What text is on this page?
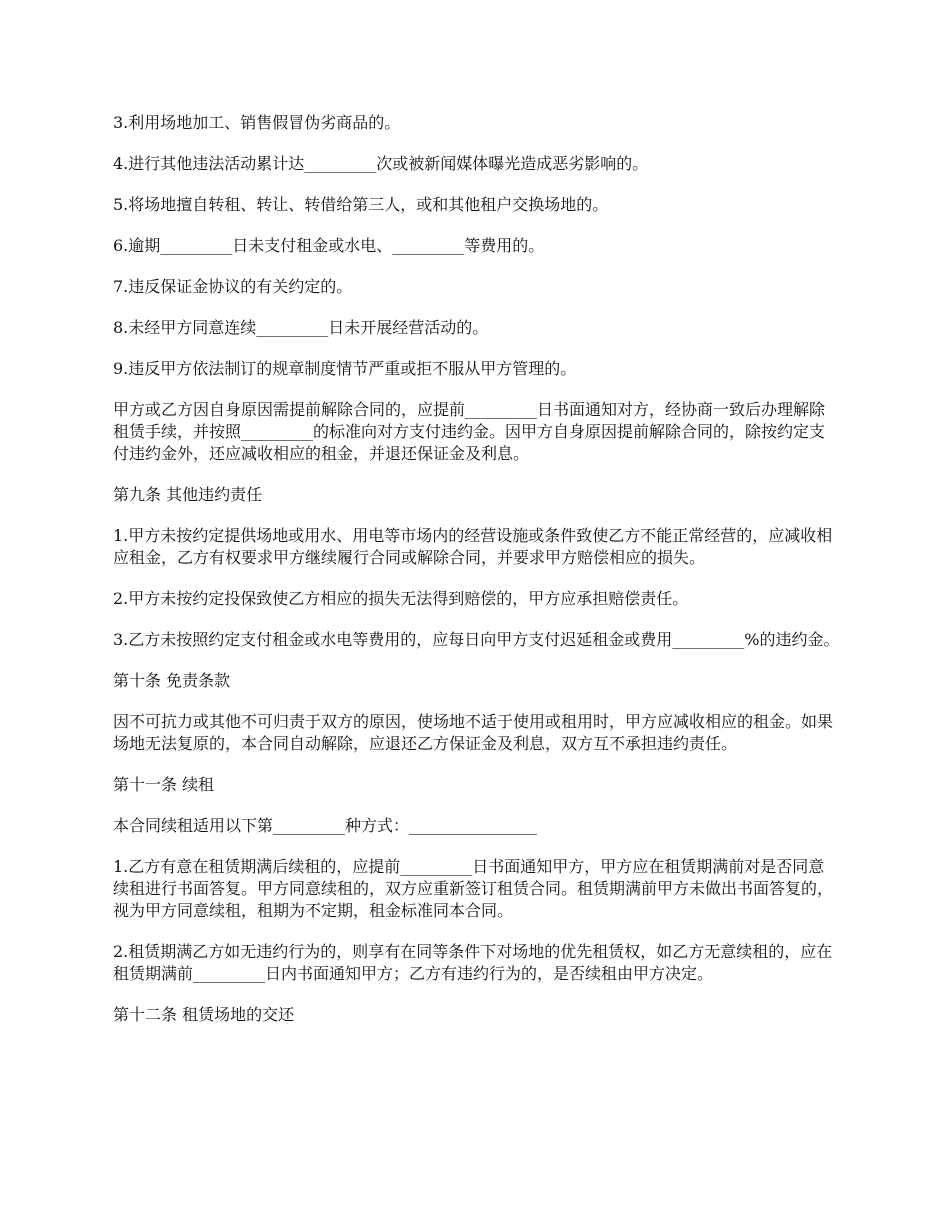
3.利用场地加工、销售假冒伪劣商品的。

4.进行其他违法活动累计达_________次或被新闻媒体曝光造成恶劣影响的。

5.将场地擅自转租、转让、转借给第三人，或和其他租户交换场地的。

6.逾期_________日未支付租金或水电、_________等费用的。

7.违反保证金协议的有关约定的。

8.未经甲方同意连续_________日未开展经营活动的。

9.违反甲方依法制订的规章制度情节严重或拒不服从甲方管理的。

甲方或乙方因自身原因需提前解除合同的，应提前_________日书面通知对方，经协商一致后办理解除租赁手续，并按照_________的标准向对方支付违约金。因甲方自身原因提前解除合同的，除按约定支付违约金外，还应减收相应的租金，并退还保证金及利息。

第九条 其他违约责任

1.甲方未按约定提供场地或用水、用电等市场内的经营设施或条件致使乙方不能正常经营的，应减收相应租金，乙方有权要求甲方继续履行合同或解除合同，并要求甲方赔偿相应的损失。

2.甲方未按约定投保致使乙方相应的损失无法得到赔偿的，甲方应承担赔偿责任。

3.乙方未按照约定支付租金或水电等费用的，应每日向甲方支付迟延租金或费用_________%的违约金。

第十条 免责条款

因不可抗力或其他不可归责于双方的原因，使场地不适于使用或租用时，甲方应减收相应的租金。如果场地无法复原的，本合同自动解除，应退还乙方保证金及利息，双方互不承担违约责任。

第十一条 续租

本合同续租适用以下第_________种方式：________________

1.乙方有意在租赁期满后续租的，应提前_________日书面通知甲方，甲方应在租赁期满前对是否同意续租进行书面答复。甲方同意续租的，双方应重新签订租赁合同。租赁期满前甲方未做出书面答复的，视为甲方同意续租，租期为不定期，租金标准同本合同。

2.租赁期满乙方如无违约行为的，则享有在同等条件下对场地的优先租赁权，如乙方无意续租的，应在租赁期满前_________日内书面通知甲方；乙方有违约行为的，是否续租由甲方决定。

第十二条 租赁场地的交还
